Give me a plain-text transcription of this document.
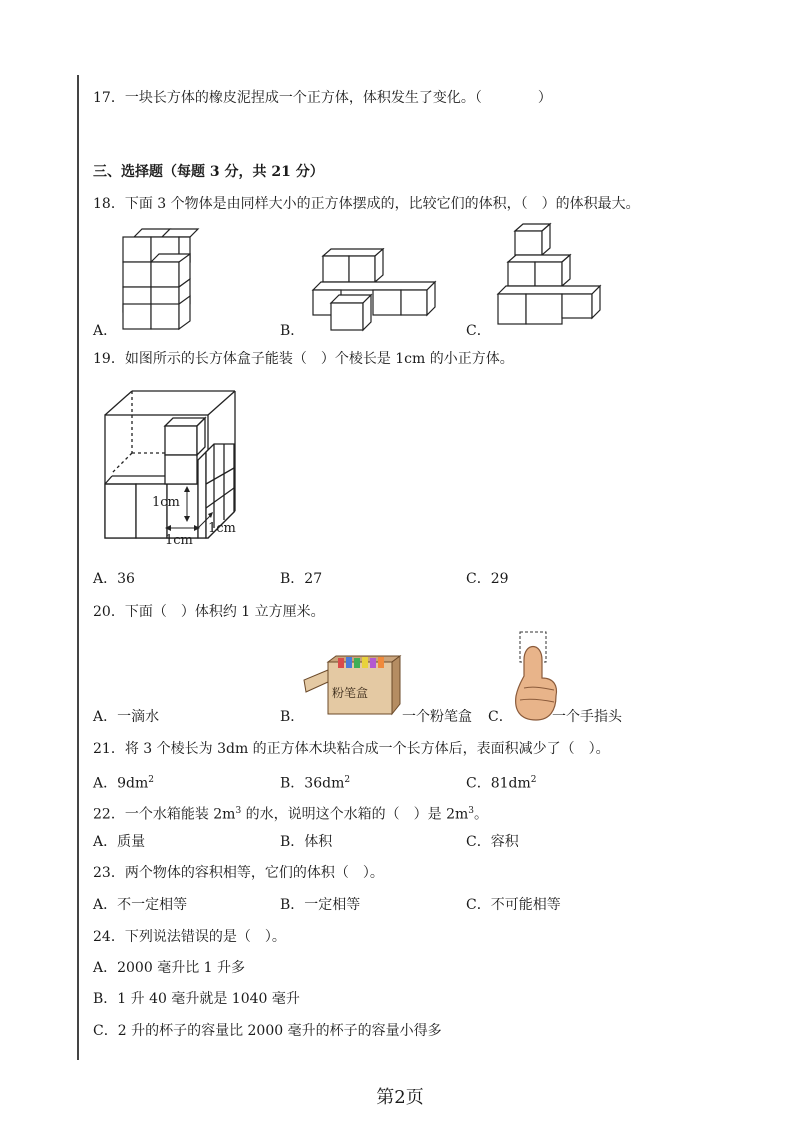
17．一块长方体的橡皮泥捏成一个正方体，体积发生了变化。（　　　　）
三、选择题（每题 3 分，共 21 分）
18．下面 3 个物体是由同样大小的正方体摆成的，比较它们的体积，（　）的体积最大。
A．	B．	C．
19．如图所示的长方体盒子能装（　）个棱长是 1cm 的小正方体。
1cm
1cm
1cm
A．36	B．27	C．29
20．下面（　）体积约 1 立方厘米。
粉笔盒
A．一滴水	B．	一个粉笔盒 C．	一个手指头
21．将 3 个棱长为 3dm 的正方体木块粘合成一个长方体后，表面积减少了（　）。
A．$9dm^2$	B．$36dm^2$	C．$81dm^2$
22．一个水箱能装 $2m^3$ 的水，说明这个水箱的（　）是 $2m^3$。
A．质量	B．体积	C．容积
23．两个物体的容积相等，它们的体积（　）。
A．不一定相等	B．一定相等	C．不可能相等
24．下列说法错误的是（　）。
A．2000 毫升比 1 升多
B．1 升 40 毫升就是 1040 毫升
C．2 升的杯子的容量比 2000 毫升的杯子的容量小得多
第2页
